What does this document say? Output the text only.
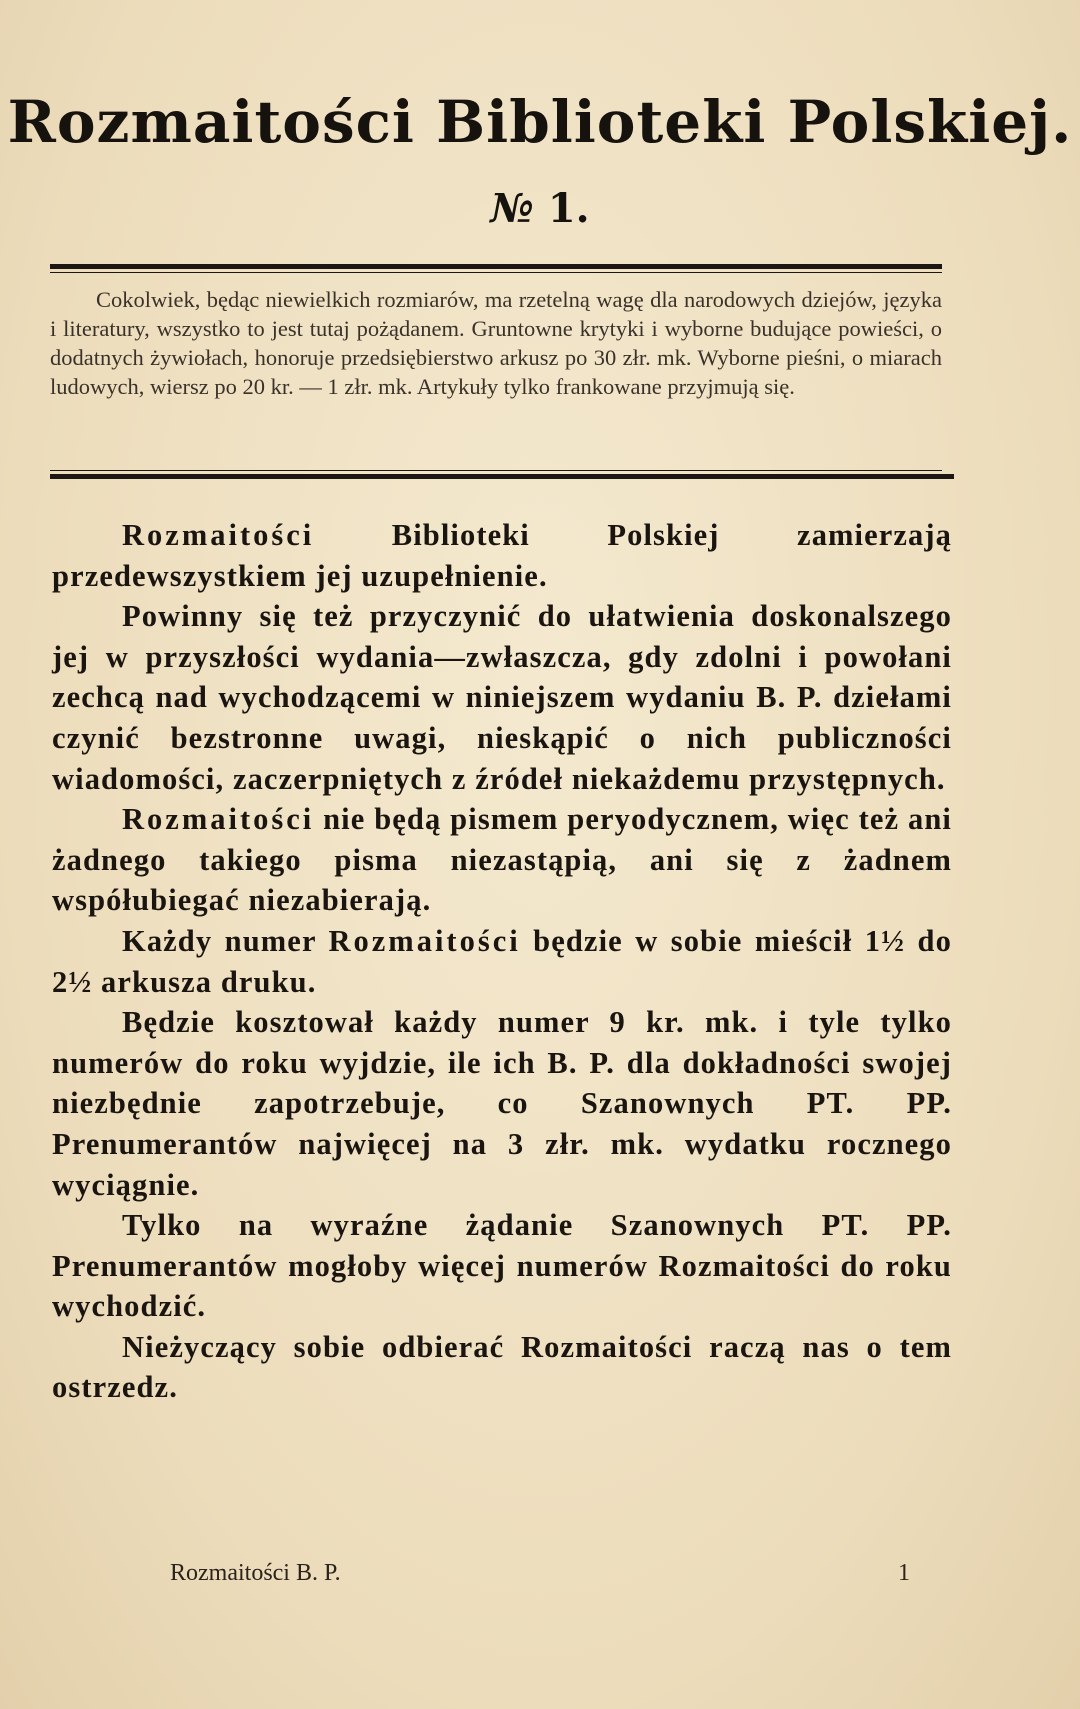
Rozmaitości Biblioteki Polskiej.
№ 1.

Cokolwiek, będąc niewielkich rozmiarów, ma rzetelną wagę dla narodowych dziejów, języka i literatury, wszystko to jest tutaj pożądanem. Gruntowne krytyki i wyborne budujące powieści, o dodatnych żywiołach, honoruje przedsiębierstwo arkusz po 30 złr. mk. Wyborne pieśni, o miarach ludowych, wiersz po 20 kr. — 1 złr. mk. Artykuły tylko frankowane przyjmują się.

Rozmaitości	Biblioteki Polskiej zamierzają przedewszystkiem jej uzupełnienie.

Powinny się też przyczynić do ułatwienia doskonalszego jej w przyszłości wydania—zwłaszcza, gdy zdolni i powołani zechcą nad wychodzącemi w niniejszem wydaniu B. P. dziełami czynić bezstronne uwagi, nieskąpić o nich publiczności wiadomości, zaczerpniętych z źródeł niekażdemu przystępnych.

Rozmaitości nie będą pismem peryodycznem, więc też ani żadnego takiego pisma niezastąpią, ani się z żadnem współubiegać niezabierają.

Każdy numer Rozmaitości będzie w sobie mieścił 1½ do 2½ arkusza druku.

Będzie kosztował każdy numer 9 kr. mk. i tyle tylko numerów do roku wyjdzie, ile ich B. P. dla dokładności swojej niezbędnie zapotrzebuje, co Szanownych PT. PP. Prenumerantów najwięcej na 3 złr. mk. wydatku rocznego wyciągnie.

Tylko na wyraźne żądanie Szanownych PT. PP. Prenumerantów mogłoby więcej numerów Rozmaitości do roku wychodzić.

Nieżyczący sobie odbierać Rozmaitości raczą nas o tem ostrzedz.

Rozmaitości B. P.	1
